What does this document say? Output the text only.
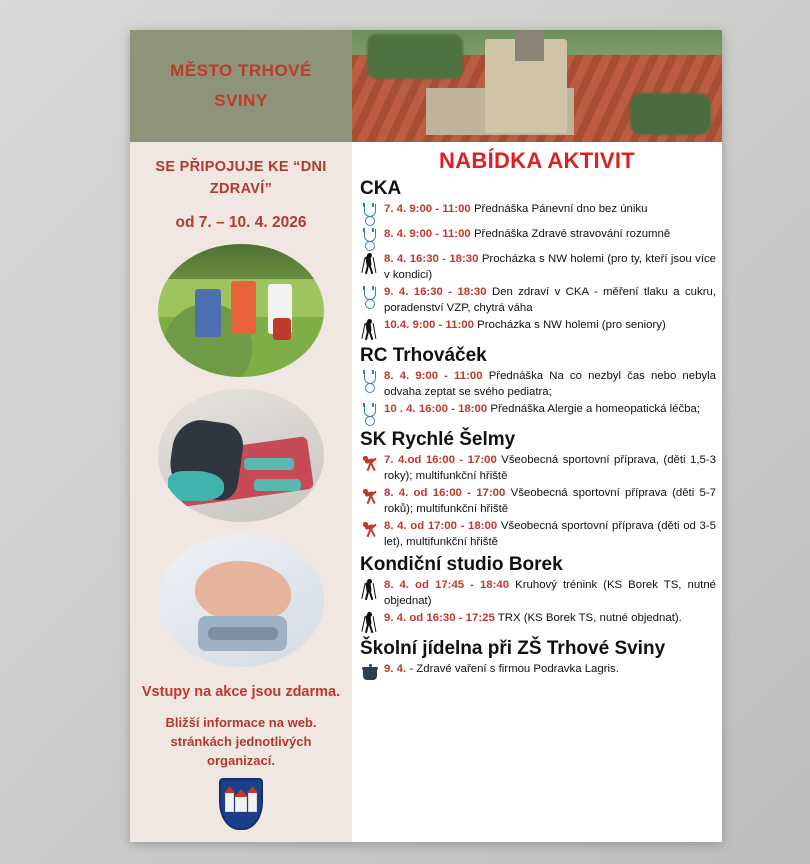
MĚSTO TRHOVÉ
SVINY
SE PŘIPOJUJE KE “DNI ZDRAVÍ”
od 7. – 10. 4. 2026
Vstupy na akce jsou zdarma.
Bližší informace na web. stránkách jednotlivých organizací.
NABÍDKA AKTIVIT
CKA
7. 4. 9:00 - 11:00 Přednáška Pánevní dno bez úniku
8. 4. 9:00 - 11:00 Přednáška Zdravé stravování rozumně
8. 4. 16:30 - 18:30 Procházka s NW holemi (pro ty, kteří jsou více v kondici)
9. 4. 16:30 - 18:30 Den zdraví v CKA - měření tlaku a cukru, poradenství VZP, chytrá váha
10.4. 9:00 - 11:00 Procházka s NW holemi (pro seniory)
RC Trhováček
8. 4. 9:00 - 11:00 Přednáška Na co nezbyl čas nebo nebyla odvaha zeptat se svého pediatra;
10 . 4. 16:00 - 18:00 Přednáška Alergie a homeopatická léčba;
SK Rychlé Šelmy
7. 4.od 16:00 - 17:00 Všeobecná sportovní příprava, (děti 1,5-3 roky); multifunkční hřiště
8. 4. od 16:00 - 17:00 Všeobecná sportovní příprava (děti 5-7 roků); multifunkční hřiště
8. 4. od 17:00 - 18:00 Všeobecná sportovní příprava (děti od 3-5 let), multifunkční hřiště
Kondiční studio Borek
8. 4. od 17:45 - 18:40 Kruhový trénink (KS Borek TS, nutné objednat)
9. 4. od 16:30 - 17:25 TRX (KS Borek TS, nutné objednat).
Školní jídelna při ZŠ Trhové Sviny
9. 4. - Zdravé vaření s firmou Podravka Lagris.
